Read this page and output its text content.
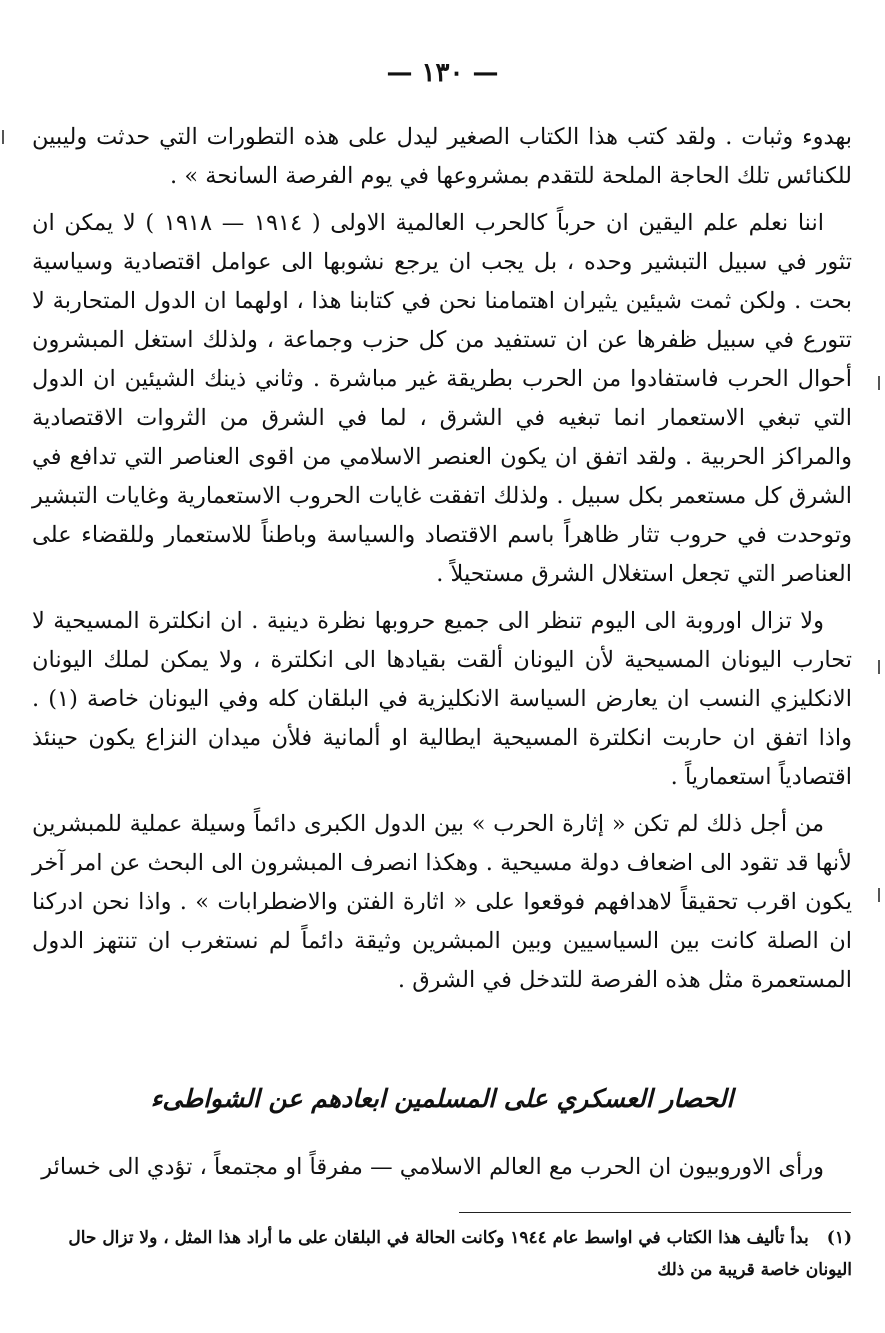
— ١٣٠ —

بهدوء وثبات . ولقد كتب هذا الكتاب الصغير ليدل على هذه التطورات التي حدثت وليبين للكنائس تلك الحاجة الملحة للتقدم بمشروعها في يوم الفرصة السانحة » .

اننا نعلم علم اليقين ان حرباً كالحرب العالمية الاولى ( ١٩١٤ — ١٩١٨ ) لا يمكن ان تثور في سبيل التبشير وحده ، بل يجب ان يرجع نشوبها الى عوامل اقتصادية وسياسية بحت . ولكن ثمت شيئين يثيران اهتمامنا نحن في كتابنا هذا ، اولهما ان الدول المتحاربة لا تتورع في سبيل ظفرها عن ان تستفيد من كل حزب وجماعة ، ولذلك استغل المبشرون أحوال الحرب فاستفادوا من الحرب بطريقة غير مباشرة . وثاني ذينك الشيئين ان الدول التي تبغي الاستعمار انما تبغيه في الشرق ، لما في الشرق من الثروات الاقتصادية والمراكز الحربية . ولقد اتفق ان يكون العنصر الاسلامي من اقوى العناصر التي تدافع في الشرق كل مستعمر بكل سبيل . ولذلك اتفقت غايات الحروب الاستعمارية وغايات التبشير وتوحدت في حروب تثار ظاهراً باسم الاقتصاد والسياسة وباطناً للاستعمار وللقضاء على العناصر التي تجعل استغلال الشرق مستحيلاً .

ولا تزال اوروبة الى اليوم تنظر الى جميع حروبها نظرة دينية . ان انكلترة المسيحية لا تحارب اليونان المسيحية لأن اليونان ألقت بقيادها الى انكلترة ، ولا يمكن لملك اليونان الانكليزي النسب ان يعارض السياسة الانكليزية في البلقان كله وفي اليونان خاصة (١) . واذا اتفق ان حاربت انكلترة المسيحية ايطالية او ألمانية فلأن ميدان النزاع يكون حينئذ اقتصادياً استعمارياً .

من أجل ذلك لم تكن « إثارة الحرب » بين الدول الكبرى دائماً وسيلة عملية للمبشرين لأنها قد تقود الى اضعاف دولة مسيحية . وهكذا انصرف المبشرون الى البحث عن امر آخر يكون اقرب تحقيقاً لاهدافهم فوقعوا على « اثارة الفتن والاضطرابات » . واذا نحن ادركنا ان الصلة كانت بين السياسيين وبين المبشرين وثيقة دائماً لم نستغرب ان تنتهز الدول المستعمرة مثل هذه الفرصة للتدخل في الشرق .

الحصار العسكري على المسلمين ابعادهم عن الشواطىء
ورأى الاوروبيون ان الحرب مع العالم الاسلامي — مفرقاً او مجتمعاً ، تؤدي الى خسائر
(١)بدأ تأليف هذا الكتاب في اواسط عام ١٩٤٤ وكانت الحالة في البلقان على ما أراد هذا المثل ، ولا تزال حال اليونان خاصة قريبة من ذلك
